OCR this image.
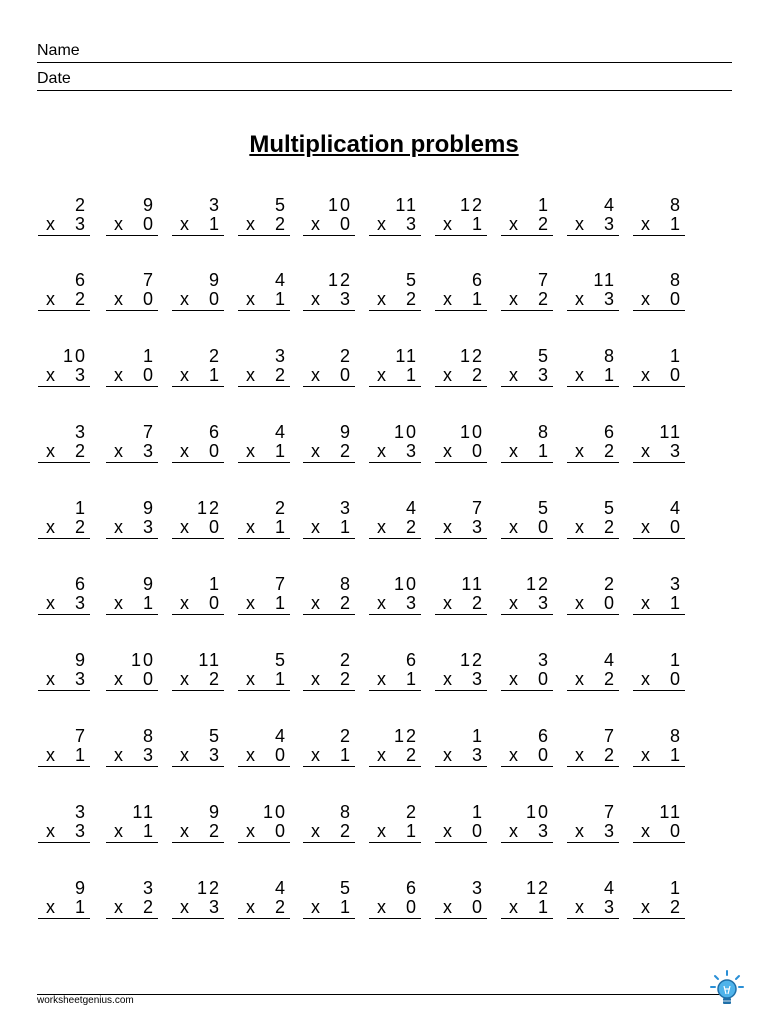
Name
Date
Multiplication problems
2
x 3
9
x 0
3
x 1
5
x 2
10
x 0
11
x 3
12
x 1
1
x 2
4
x 3
8
x 1
6
x 2
7
x 0
9
x 0
4
x 1
12
x 3
5
x 2
6
x 1
7
x 2
11
x 3
8
x 0
10
x 3
1
x 0
2
x 1
3
x 2
2
x 0
11
x 1
12
x 2
5
x 3
8
x 1
1
x 0
3
x 2
7
x 3
6
x 0
4
x 1
9
x 2
10
x 3
10
x 0
8
x 1
6
x 2
11
x 3
1
x 2
9
x 3
12
x 0
2
x 1
3
x 1
4
x 2
7
x 3
5
x 0
5
x 2
4
x 0
6
x 3
9
x 1
1
x 0
7
x 1
8
x 2
10
x 3
11
x 2
12
x 3
2
x 0
3
x 1
9
x 3
10
x 0
11
x 2
5
x 1
2
x 2
6
x 1
12
x 3
3
x 0
4
x 2
1
x 0
7
x 1
8
x 3
5
x 3
4
x 0
2
x 1
12
x 2
1
x 3
6
x 0
7
x 2
8
x 1
3
x 3
11
x 1
9
x 2
10
x 0
8
x 2
2
x 1
1
x 0
10
x 3
7
x 3
11
x 0
9
x 1
3
x 2
12
x 3
4
x 2
5
x 1
6
x 0
3
x 0
12
x 1
4
x 3
1
x 2
worksheetgenius.com
